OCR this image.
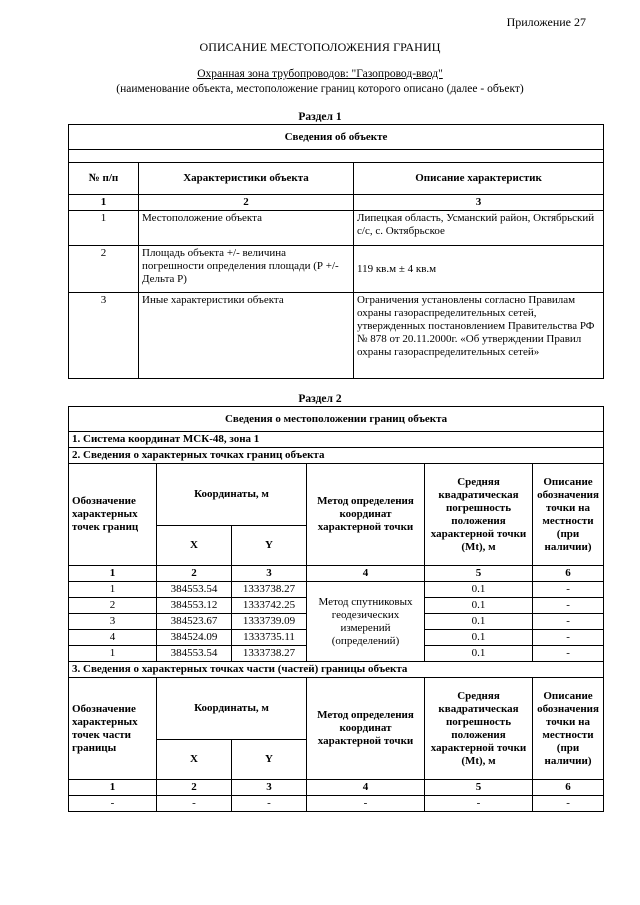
Приложение 27
ОПИСАНИЕ МЕСТОПОЛОЖЕНИЯ ГРАНИЦ
Охранная зона трубопроводов: "Газопровод-ввод"
(наименование объекта, местоположение границ которого описано (далее - объект)
Раздел 1
Сведения об объекте		

№ п/п	Характеристики объекта	Описание характеристик
1	2	3
1	Местоположение объекта	Липецкая область, Усманский район, Октябрьский с/с, с. Октябрьское
2	Площадь объекта +/- величина погрешности определения площади (Р +/- Дельта Р)	119 кв.м ± 4 кв.м
3	Иные характеристики объекта	Ограничения установлены согласно Правилам охраны газораспределительных сетей, утвержденных постановлением Правительства РФ № 878 от 20.11.2000г. «Об утверждении Правил охраны газораспределительных сетей»
Раздел 2
Сведения о местоположении границ объекта					
1. Система координат МСК-48, зона 1					
2. Сведения о характерных точках границ объекта					
Обозначение характерных точек границ	Координаты, м		Метод определения координат характерной точки	Средняя квадратическая погрешность положения характерной точки (Mt), м	Описание обозначения точки на местности (при наличии)
	X	Y			
1	2	3	4	5	6
1	384553.54	1333738.27	Метод спутниковых геодезических измерений (определений)	0.1	-
2	384553.12	1333742.25		0.1	-
3	384523.67	1333739.09		0.1	-
4	384524.09	1333735.11		0.1	-
1	384553.54	1333738.27		0.1	-
3. Сведения о характерных точках части (частей) границы объекта					
Обозначение характерных точек части границы	Координаты, м		Метод определения координат характерной точки	Средняя квадратическая погрешность положения характерной точки (Mt), м	Описание обозначения точки на местности (при наличии)
	X	Y			
1	2	3	4	5	6
-	-	-	-	-	-
